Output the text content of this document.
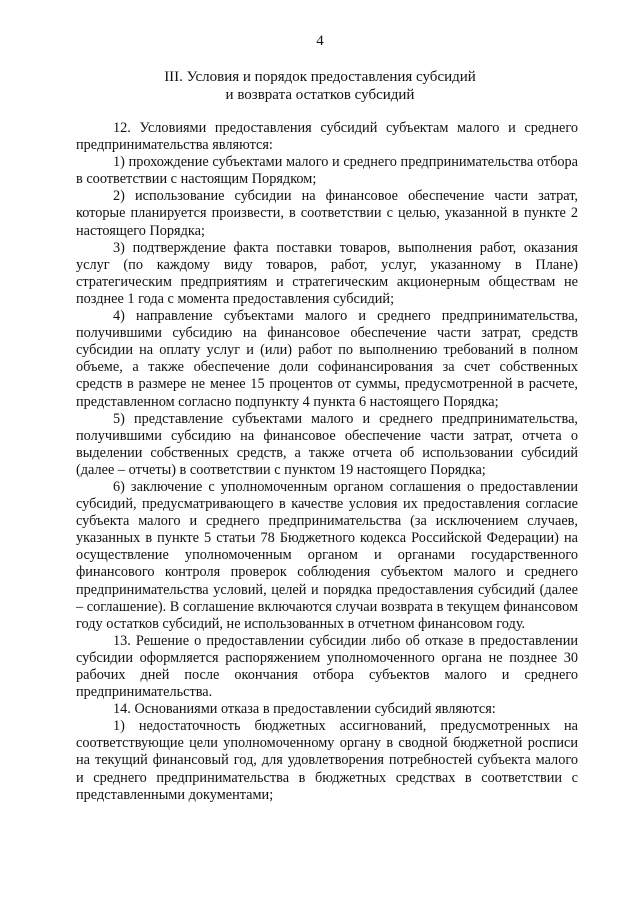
4
III. Условия и порядок предоставления субсидий
и возврата остатков субсидий

12. Условиями предоставления субсидий субъектам малого и среднего предпринимательства являются:

1) прохождение субъектами малого и среднего предпринимательства отбора в соответствии с настоящим Порядком;

2) использование субсидии на финансовое обеспечение части затрат, которые планируется произвести, в соответствии с целью, указанной в пункте 2 настоящего Порядка;

3) подтверждение факта поставки товаров, выполнения работ, оказания услуг (по каждому виду товаров, работ, услуг, указанному в Плане) стратегическим предприятиям и стратегическим акционерным обществам не позднее 1 года с момента предоставления субсидий;

4) направление субъектами малого и среднего предпринимательства, получившими субсидию на финансовое обеспечение части затрат, средств субсидии на оплату услуг и (или) работ по выполнению требований в полном объеме, а также обеспечение доли софинансирования за счет собственных средств в размере не менее 15 процентов от суммы, предусмотренной в расчете, представленном согласно подпункту 4 пункта 6 настоящего Порядка;

5) представление субъектами малого и среднего предпринимательства, получившими субсидию на финансовое обеспечение части затрат, отчета о выделении собственных средств, а также отчета об использовании субсидий (далее – отчеты) в соответствии с пунктом 19 настоящего Порядка;

6) заключение с уполномоченным органом соглашения о предоставлении субсидий, предусматривающего в качестве условия их предоставления согласие субъекта малого и среднего предпринимательства (за исключением случаев, указанных в пункте 5 статьи 78 Бюджетного кодекса Российской Федерации) на осуществление уполномоченным органом и органами государственного финансового контроля проверок соблюдения субъектом малого и среднего предпринимательства условий, целей и порядка предоставления субсидий (далее – соглашение). В соглашение включаются случаи возврата в текущем финансовом году остатков субсидий, не использованных в отчетном финансовом году.

13. Решение о предоставлении субсидии либо об отказе в предоставлении субсидии оформляется распоряжением уполномоченного органа не позднее 30 рабочих дней после окончания отбора субъектов малого и среднего предпринимательства.

14. Основаниями отказа в предоставлении субсидий являются:

1) недостаточность бюджетных ассигнований, предусмотренных на соответствующие цели уполномоченному органу в сводной бюджетной росписи на текущий финансовый год, для удовлетворения потребностей субъекта малого и среднего предпринимательства в бюджетных средствах в соответствии с представленными документами;
